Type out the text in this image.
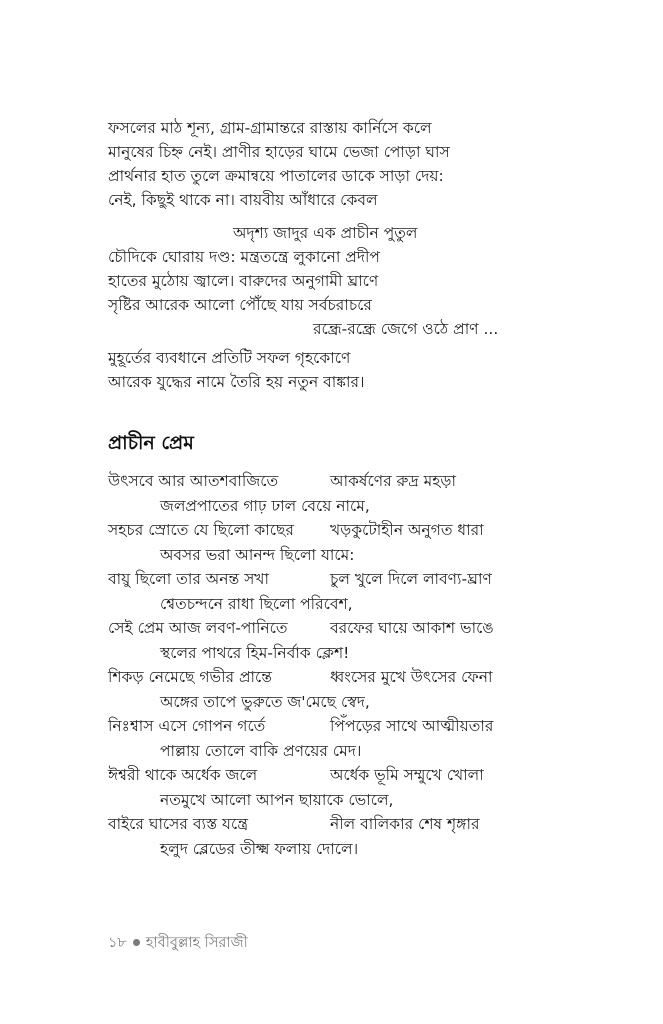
ফসলের মাঠ শূন্য, গ্রাম-গ্রামান্তরে রাস্তায় কার্নিসে কলে
মানুষের চিহ্ন নেই। প্রাণীর হাড়ের ঘামে ভেজা পোড়া ঘাস
প্রার্থনার হাত তুলে ক্রমান্বয়ে পাতালের ডাকে সাড়া দেয়:
নেই, কিছুই থাকে না। বায়বীয় আঁধারে কেবল
অদৃশ্য জাদুর এক প্রাচীন পুতুল
চৌদিকে ঘোরায় দণ্ড: মন্ত্রতন্ত্রে লুকানো প্রদীপ
হাতের মুঠোয় জ্বালে। বারুদের অনুগামী ঘ্রাণে
সৃষ্টির আরেক আলো পৌঁছে যায় সর্বচরাচরে
রন্ধ্রে-রন্ধ্রে জেগে ওঠে প্রাণ ...
মুহূর্তের ব্যবধানে প্রতিটি সফল গৃহকোণে
আরেক যুদ্ধের নামে তৈরি হয় নতুন বাঙ্কার।
প্রাচীন প্রেম
উৎসবে আর আতশবাজিতে	আকর্ষণের রুদ্র মহড়া
জলপ্রপাতের গাঢ় ঢাল বেয়ে নামে,
সহচর স্রোতে যে ছিলো কাছের	খড়কুটোহীন অনুগত ধারা
অবসর ভরা আনন্দ ছিলো যামে:
বায়ু ছিলো তার অনন্ত সখা	চুল খুলে দিলে লাবণ্য-ঘ্রাণ
শ্বেতচন্দনে রাধা ছিলো পরিবেশ,
সেই প্রেম আজ লবণ-পানিতে	বরফের ঘায়ে আকাশ ভাঙে
স্থলের পাথরে হিম-নির্বাক ক্লেশ!
শিকড় নেমেছে গভীর প্রান্তে	ধ্বংসের মুখে উৎসের ফেনা
অঙ্গের তাপে ভুরুতে জ'মেছে স্বেদ,
নিঃশ্বাস এসে গোপন গর্তে	পিঁপড়ের সাথে আত্মীয়তার
পাল্লায় তোলে বাকি প্রণয়ের মেদ।
ঈশ্বরী থাকে অর্ধেক জলে	অর্ধেক ভূমি সম্মুখে খোলা
নতমুখে আলো আপন ছায়াকে ভোলে,
বাইরে ঘাসের ব্যস্ত যন্ত্রে	নীল বালিকার শেষ শৃঙ্গার
হলুদ ব্লেডের তীক্ষ্ম ফলায় দোলে।
১৮ হাবীবুল্লাহ সিরাজী
